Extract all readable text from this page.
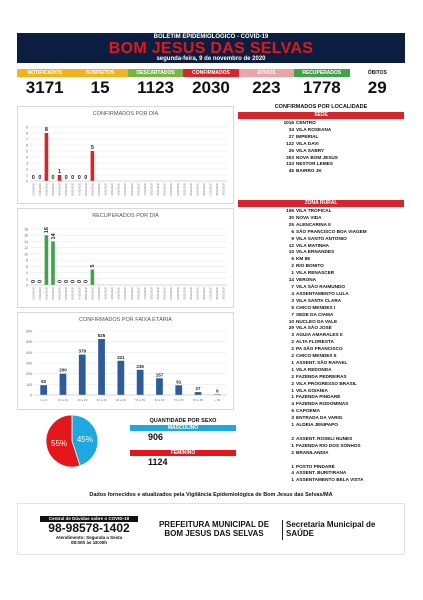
BOLETIM EPIDEMIOLÓGICO - COVID-19
BOM JESUS DAS SELVAS
segunda-feira, 9 de novembro de 2020
NOTIFICADOS
3171
SUSPEITOS
15
DESCARTADOS
1123
CONFIRMADOS
2030
ATIVOS
223
RECUPERADOS
1778
ÓBITOS
29
CONFIRMADOS POR DIA
0
1
2
3
4
5
6
7
8
9
0
31/10/2020
0
01/11/2020
8
02/11/2020
0
03/11/2020
1
04/11/2020
0
05/11/2020
0
06/11/2020
0
07/11/2020
0
08/11/2020
5
09/11/2020	10/11/2020	11/11/2020	12/11/2020	13/11/2020	14/11/2020	15/11/2020	16/11/2020	17/11/2020	18/11/2020	19/11/2020	20/11/2020	21/11/2020	22/11/2020	23/11/2020	24/11/2020	25/11/2020	26/11/2020	27/11/2020	28/11/2020	29/11/2020
RECUPERADOS POR DIA
0
2
4
6
8
10
12
14
16
18
0
31/10/2020
0
01/11/2020
16
02/11/2020
14
03/11/2020
0
04/11/2020
0
05/11/2020
0
06/11/2020
0
07/11/2020
0
08/11/2020
5
09/11/2020	10/11/2020	11/11/2020	12/11/2020	13/11/2020	14/11/2020	15/11/2020	16/11/2020	17/11/2020	18/11/2020	19/11/2020	20/11/2020	21/11/2020	22/11/2020	23/11/2020	24/11/2020	25/11/2020	26/11/2020	27/11/2020	28/11/2020	29/11/2020
CONFIRMADOS POR FAIXA ETÁRIA
0
100
200
300
400
500
600
92
0 a 9
200
10 a 19
379
20 a 29
525
30 a 39
321
40 a 49
236
50 a 59
157
60 a 69
91
70 a 79
27
80 a 89
6
+ 90
45%
55%
QUANTIDADE POR SEXO
MASCULINO
906
FEMININO
1124
CONFIRMADOS POR LOCALIDADE
SEDE
1016 CENTRO
34 VILA ROSEANA
27 IMPERIAL
122 VILA DAVI
26 VILA SABRY
303 NOVA BOM JESUS
133 NESTOR LEMES
45 BAIRRO JK
ZONA RURAL
106 VILA TROFICAL
30 NOVA VIDA
25 ALENCARINA II
6 SÃO FRANCISCO BOA VIAGEM
9 VILA SANTO ANTONIO
12 VILA MATINHA
10 VILA ERNANDES
6 KM 88
2 RIO BONITO
1 VILA RENASCER
14 VERONA
7 VILA SÃO RAIMUNDO
4 ASSENTAMENTO LULA
3 VILA SANTA CLARA
5 CHICO MENDES I
7 SEDE DA CIAMA
10 NUCLEO DA VALE
29 VILA SÃO JOSÉ
3 AGUIA AMARALES II
2 ALTA FLORESTA
2 PA SÃO FRANCISCO
2 CHICO MENDES II
1 ASSENT. SÃO RAFAEL
1 VILA REDONDA
2 FAZENDA PEDREIRAS
2 VILA PROGRESSO BRASIL
1 VILA GOIANIA
1 FAZENDA PINDARÉ
4 FAZENDA RODOMINAS
6 CAPOEMA
3 ENTRADA DA VARIG
1 ALDEIA JENIPAPO

2 ASSENT. ROSELI NUNES
1 FAZENDA RIO DOS SONHOS
2 BRANILANDIA

1 POSTO PINDARÉ
4 ASSENT. BURITIRANA
1 ASSENTAMENTO BELA VISTA
Dados fornecidos e atualizados pela Vigilância Epidemiológica de Bom Jesus das Selvas/MA
Central de Dúvidas sobre o COVID-19
98-98578-1402
Atendimento: Segunda a Sexta
08:00h às 18:00h
PREFEITURA MUNICIPAL DE
BOM JESUS DAS SELVAS
Secretaria Municipal de
SAÚDE
